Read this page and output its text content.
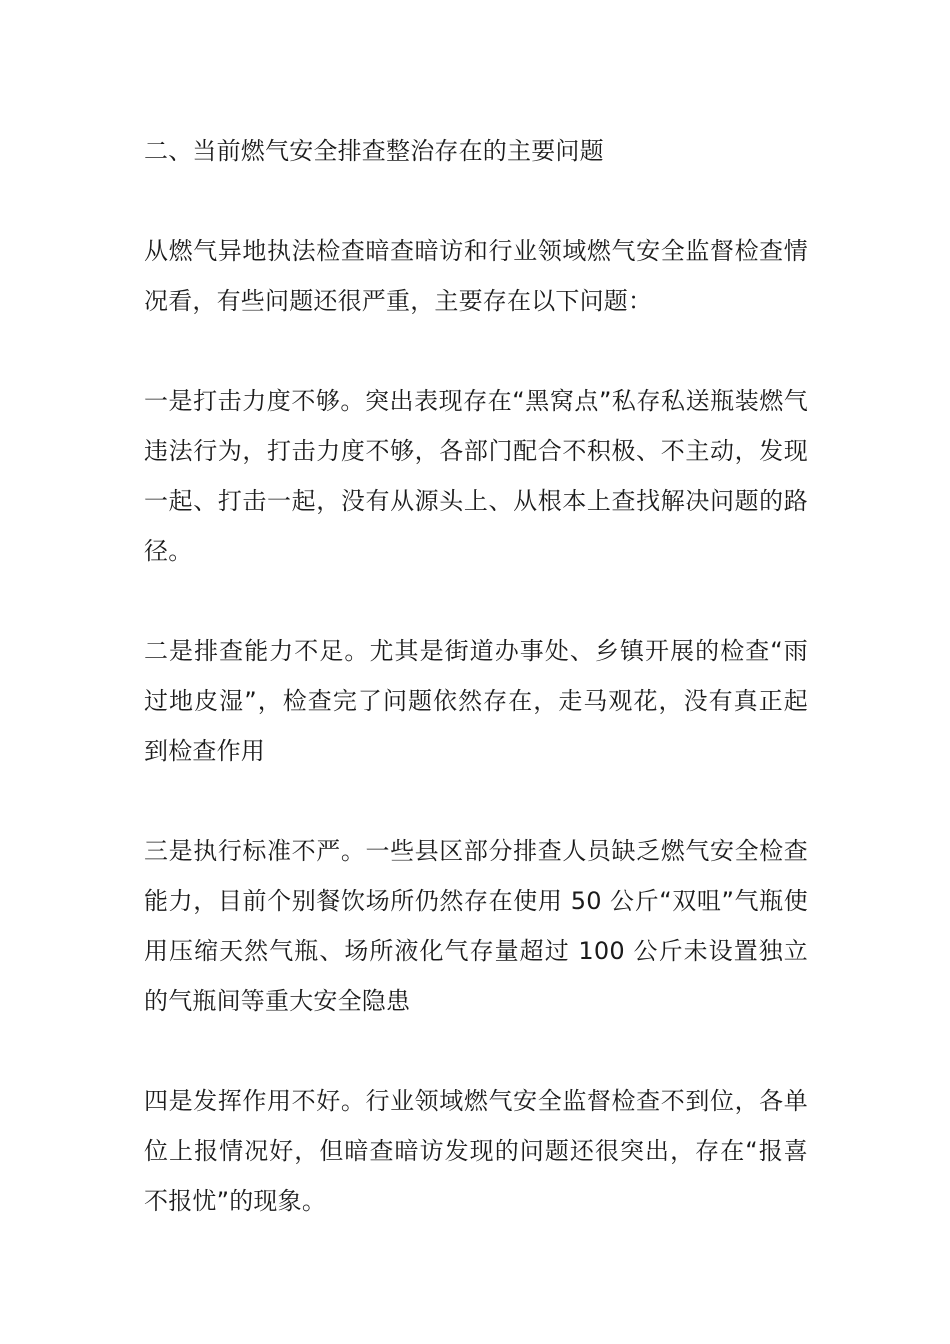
二、当前燃气安全排查整治存在的主要问题

从燃气异地执法检查暗查暗访和行业领域燃气安全监督检查情况看，有些问题还很严重，主要存在以下问题：

一是打击力度不够。突出表现存在“黑窝点”私存私送瓶装燃气违法行为，打击力度不够，各部门配合不积极、不主动，发现一起、打击一起，没有从源头上、从根本上查找解决问题的路径。

二是排查能力不足。尤其是街道办事处、乡镇开展的检查“雨过地皮湿”，检查完了问题依然存在，走马观花，没有真正起到检查作用

三是执行标准不严。一些县区部分排查人员缺乏燃气安全检查能力，目前个别餐饮场所仍然存在使用 50 公斤“双咀”气瓶使用压缩天然气瓶、场所液化气存量超过 100 公斤未设置独立的气瓶间等重大安全隐患

四是发挥作用不好。行业领域燃气安全监督检查不到位，各单位上报情况好，但暗查暗访发现的问题还很突出，存在“报喜不报忧”的现象。
